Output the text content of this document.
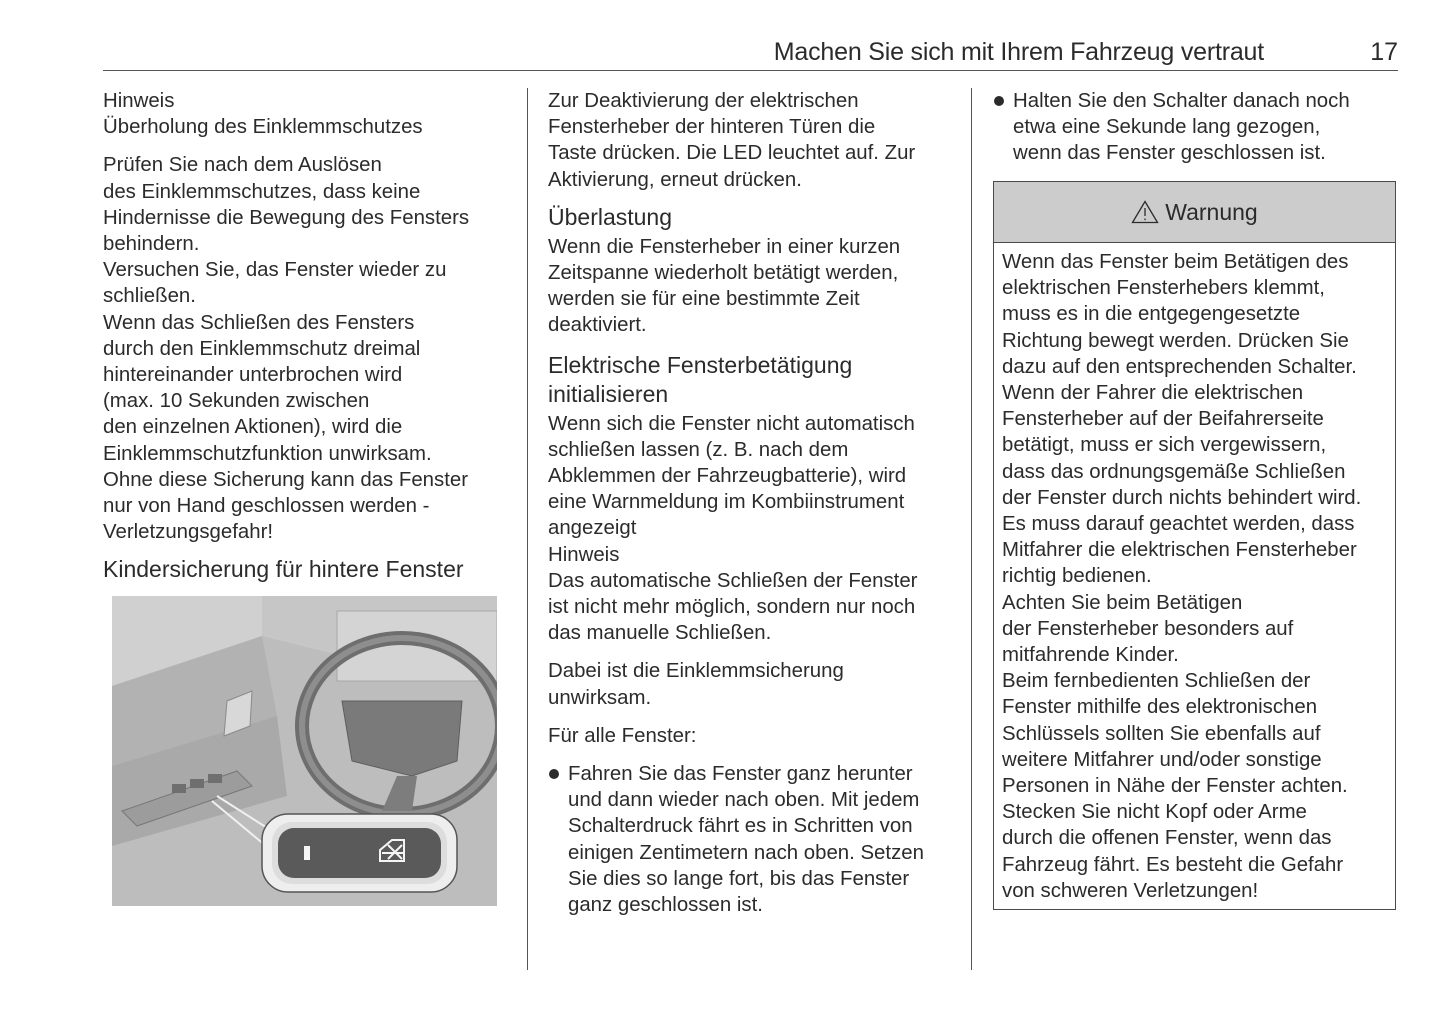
Machen Sie sich mit Ihrem Fahrzeug vertraut	17
Hinweis
Überholung des Einklemmschutzes

Prüfen Sie nach dem Auslösen
des Einklemmschutzes, dass keine
Hindernisse die Bewegung des Fensters
behindern.
Versuchen Sie, das Fenster wieder zu
schließen.
Wenn das Schließen des Fensters
durch den Einklemmschutz dreimal
hintereinander unterbrochen wird
(max. 10 Sekunden zwischen
den einzelnen Aktionen), wird die
Einklemmschutzfunktion unwirksam.
Ohne diese Sicherung kann das Fenster
nur von Hand geschlossen werden -
Verletzungsgefahr!

Kindersicherung für hintere Fenster

Zur Deaktivierung der elektrischen
Fensterheber der hinteren Türen die
Taste drücken. Die LED leuchtet auf. Zur
Aktivierung, erneut drücken.

Überlastung

Wenn die Fensterheber in einer kurzen
Zeitspanne wiederholt betätigt werden,
werden sie für eine bestimmte Zeit
deaktiviert.

Elektrische Fensterbetätigung
initialisieren

Wenn sich die Fenster nicht automatisch
schließen lassen (z. B. nach dem
Abklemmen der Fahrzeugbatterie), wird
eine Warnmeldung im Kombiinstrument
angezeigt

Hinweis

Das automatische Schließen der Fenster
ist nicht mehr möglich, sondern nur noch
das manuelle Schließen.

Dabei ist die Einklemmsicherung
unwirksam.
Für alle Fenster:
Fahren Sie das Fenster ganz herunter
und dann wieder nach oben. Mit jedem
Schalterdruck fährt es in Schritten von
einigen Zentimetern nach oben. Setzen
Sie dies so lange fort, bis das Fenster
ganz geschlossen ist.
Halten Sie den Schalter danach noch
etwa eine Sekunde lang gezogen,
wenn das Fenster geschlossen ist.
Warnung
Wenn das Fenster beim Betätigen des
elektrischen Fensterhebers klemmt,
muss es in die entgegengesetzte
Richtung bewegt werden. Drücken Sie
dazu auf den entsprechenden Schalter.
Wenn der Fahrer die elektrischen
Fensterheber auf der Beifahrerseite
betätigt, muss er sich vergewissern,
dass das ordnungsgemäße Schließen
der Fenster durch nichts behindert wird.
Es muss darauf geachtet werden, dass
Mitfahrer die elektrischen Fensterheber
richtig bedienen.
Achten Sie beim Betätigen
der Fensterheber besonders auf
mitfahrende Kinder.
Beim fernbedienten Schließen der
Fenster mithilfe des elektronischen
Schlüssels sollten Sie ebenfalls auf
weitere Mitfahrer und/oder sonstige
Personen in Nähe der Fenster achten.
Stecken Sie nicht Kopf oder Arme
durch die offenen Fenster, wenn das
Fahrzeug fährt. Es besteht die Gefahr
von schweren Verletzungen!
